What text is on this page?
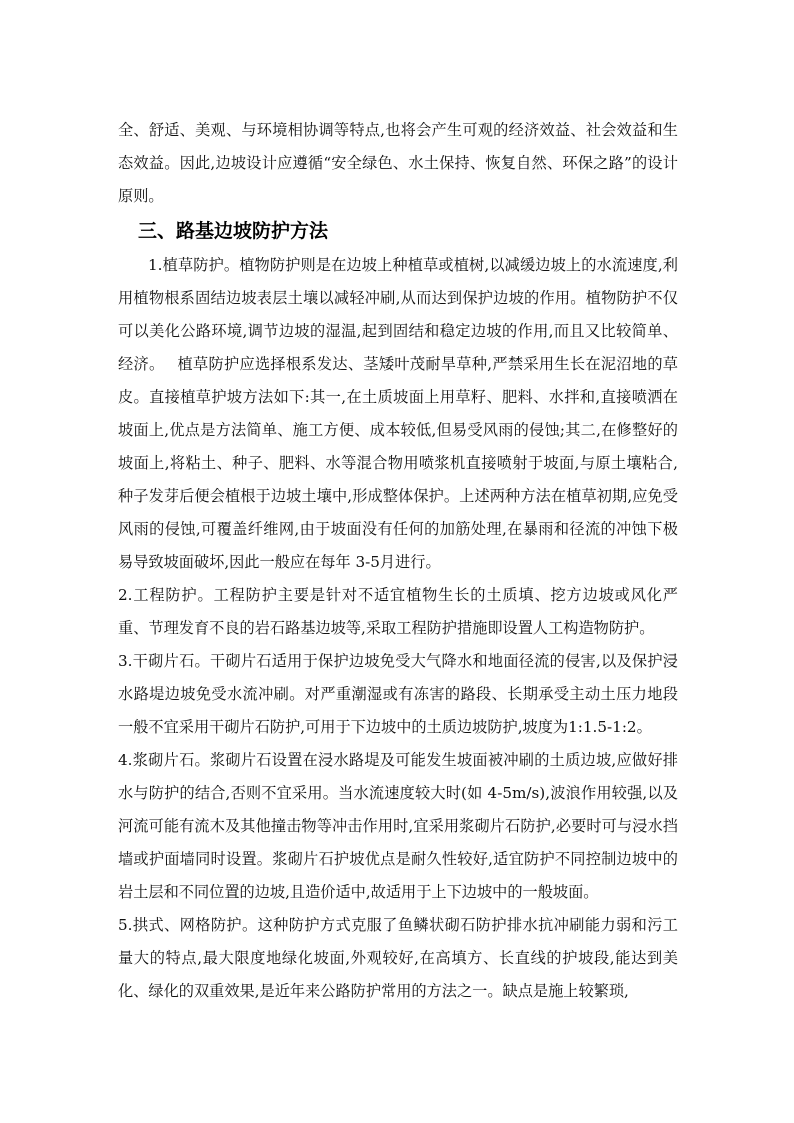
全、舒适、美观、与环境相协调等特点,也将会产生可观的经济效益、社会效益和生态效益。因此,边坡设计应遵循“安全绿色、水土保持、恢复自然、环保之路”的设计原则。

三、路基边坡防护方法

1.植草防护。植物防护则是在边坡上种植草或植树,以减缓边坡上的水流速度,利用植物根系固结边坡表层土壤以减轻冲刷,从而达到保护边坡的作用。植物防护不仅可以美化公路环境,调节边坡的湿温,起到固结和稳定边坡的作用,而且又比较简单、经济。　 植草防护应选择根系发达、茎矮叶茂耐旱草种,严禁采用生长在泥沼地的草皮。直接植草护坡方法如下:其一,在土质坡面上用草籽、肥料、水拌和,直接喷洒在坡面上,优点是方法简单、施工方便、成本较低,但易受风雨的侵蚀;其二,在修整好的坡面上,将粘土、种子、肥料、水等混合物用喷浆机直接喷射于坡面,与原土壤粘合,种子发芽后便会植根于边坡土壤中,形成整体保护。上述两种方法在植草初期,应免受风雨的侵蚀,可覆盖纤维网,由于坡面没有任何的加筋处理,在暴雨和径流的冲蚀下极易导致坡面破坏,因此一般应在每年 3-5月进行。

2.工程防护。工程防护主要是针对不适宜植物生长的土质填、挖方边坡或风化严重、节理发育不良的岩石路基边坡等,采取工程防护措施即设置人工构造物防护。

3.干砌片石。干砌片石适用于保护边坡免受大气降水和地面径流的侵害,以及保护浸水路堤边坡免受水流冲刷。对严重潮湿或有冻害的路段、长期承受主动土压力地段一般不宜采用干砌片石防护,可用于下边坡中的土质边坡防护,坡度为1:1.5-1:2。

4.浆砌片石。浆砌片石设置在浸水路堤及可能发生坡面被冲刷的土质边坡,应做好排水与防护的结合,否则不宜采用。当水流速度较大时(如 4-5m/s),波浪作用较强,以及河流可能有流木及其他撞击物等冲击作用时,宜采用浆砌片石防护,必要时可与浸水挡墙或护面墙同时设置。浆砌片石护坡优点是耐久性较好,适宜防护不同控制边坡中的岩土层和不同位置的边坡,且造价适中,故适用于上下边坡中的一般坡面。

5.拱式、网格防护。这种防护方式克服了鱼鳞状砌石防护排水抗冲刷能力弱和污工量大的特点,最大限度地绿化坡面,外观较好,在高填方、长直线的护坡段,能达到美化、绿化的双重效果,是近年来公路防护常用的方法之一。缺点是施上较繁琐,
